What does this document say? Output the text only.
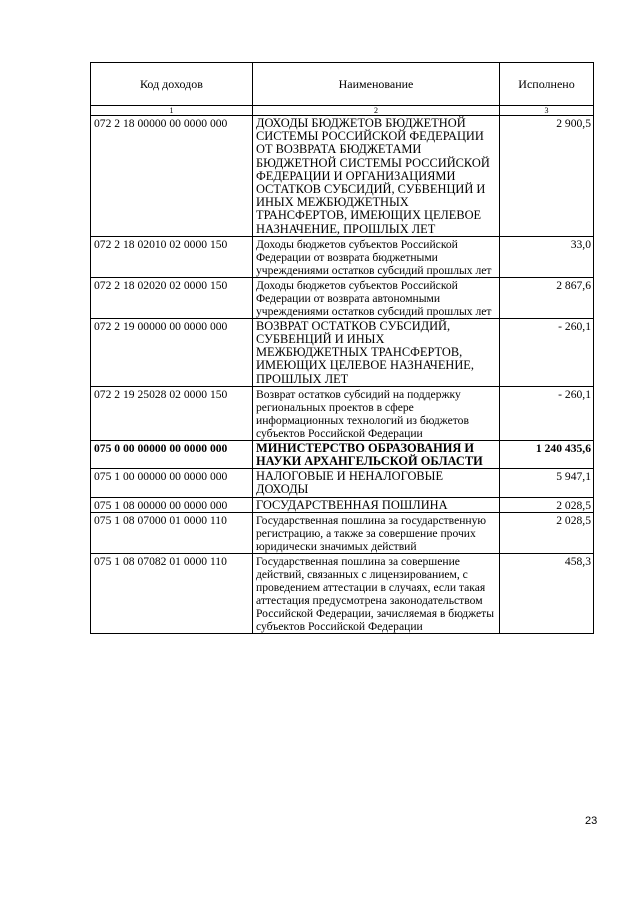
Код доходов	Наименование	Исполнено
1	2	3
072 2 18 00000 00 0000 000	ДОХОДЫ БЮДЖЕТОВ БЮДЖЕТНОЙ СИСТЕМЫ РОССИЙСКОЙ ФЕДЕРАЦИИ ОТ ВОЗВРАТА БЮДЖЕТАМИ БЮДЖЕТНОЙ СИСТЕМЫ РОССИЙСКОЙ ФЕДЕРАЦИИ И ОРГАНИЗАЦИЯМИ ОСТАТКОВ СУБСИДИЙ, СУБВЕНЦИЙ И ИНЫХ МЕЖБЮДЖЕТНЫХ ТРАНСФЕРТОВ, ИМЕЮЩИХ ЦЕЛЕВОЕ НАЗНАЧЕНИЕ, ПРОШЛЫХ ЛЕТ	2 900,5
072 2 18 02010 02 0000 150	Доходы бюджетов субъектов Российской Федерации от возврата бюджетными учреждениями остатков субсидий прошлых лет	33,0
072 2 18 02020 02 0000 150	Доходы бюджетов субъектов Российской Федерации от возврата автономными учреждениями остатков субсидий прошлых лет	2 867,6
072 2 19 00000 00 0000 000	ВОЗВРАТ ОСТАТКОВ СУБСИДИЙ, СУБВЕНЦИЙ И ИНЫХ МЕЖБЮДЖЕТНЫХ ТРАНСФЕРТОВ, ИМЕЮЩИХ ЦЕЛЕВОЕ НАЗНАЧЕНИЕ, ПРОШЛЫХ ЛЕТ	- 260,1
072 2 19 25028 02 0000 150	Возврат остатков субсидий на поддержку региональных проектов в сфере информационных технологий из бюджетов субъектов Российской Федерации	- 260,1
075 0 00 00000 00 0000 000	МИНИСТЕРСТВО ОБРАЗОВАНИЯ И НАУКИ АРХАНГЕЛЬСКОЙ ОБЛАСТИ	1 240 435,6
075 1 00 00000 00 0000 000	НАЛОГОВЫЕ И НЕНАЛОГОВЫЕ ДОХОДЫ	5 947,1
075 1 08 00000 00 0000 000	ГОСУДАРСТВЕННАЯ ПОШЛИНА	2 028,5
075 1 08 07000 01 0000 110	Государственная пошлина за государственную регистрацию, а также за совершение прочих юридически значимых действий	2 028,5
075 1 08 07082 01 0000 110	Государственная пошлина за совершение действий, связанных с лицензированием, с проведением аттестации в случаях, если такая аттестация предусмотрена законодательством Российской Федерации, зачисляемая в бюджеты субъектов Российской Федерации	458,3
23
